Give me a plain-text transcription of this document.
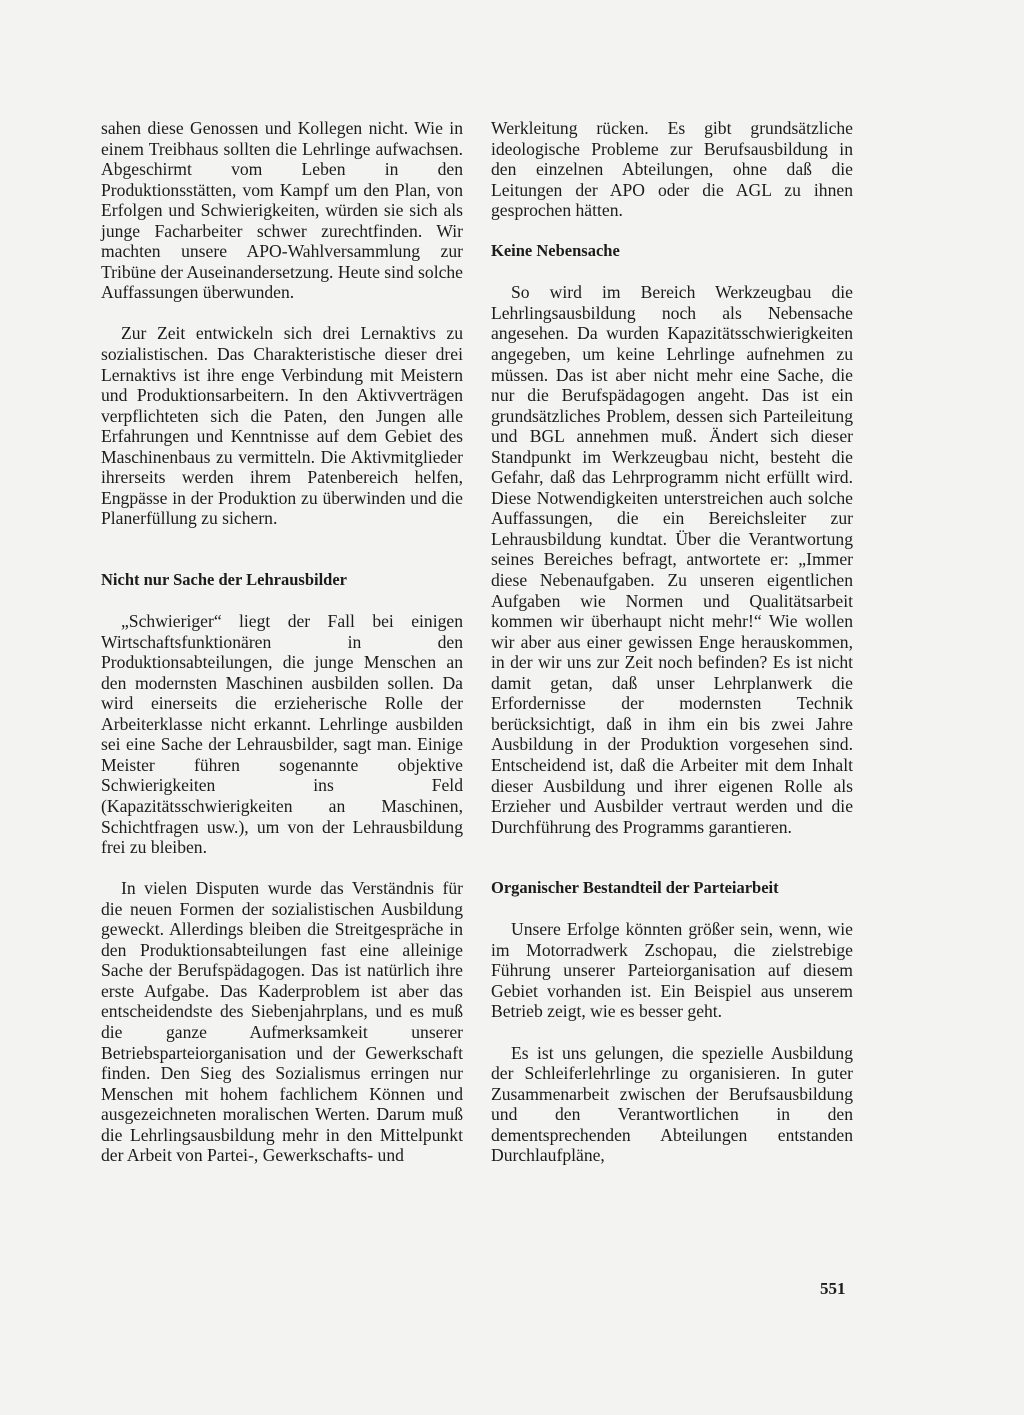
sahen diese Genossen und Kollegen nicht. Wie in einem Treibhaus sollten die Lehrlinge aufwachsen. Abgeschirmt vom Leben in den Produktionsstätten, vom Kampf um den Plan, von Erfolgen und Schwierigkeiten, würden sie sich als junge Facharbeiter schwer zurechtfinden. Wir machten unsere APO-Wahlversammlung zur Tribüne der Auseinandersetzung. Heute sind solche Auffassungen überwunden.

Zur Zeit entwickeln sich drei Lernaktivs zu sozialistischen. Das Charakteristische dieser drei Lernaktivs ist ihre enge Verbindung mit Meistern und Produktionsarbeitern. In den Aktivverträgen verpflichteten sich die Paten, den Jungen alle Erfahrungen und Kenntnisse auf dem Gebiet des Maschinenbaus zu vermitteln. Die Aktivmitglieder ihrerseits werden ihrem Patenbereich helfen, Engpässe in der Produktion zu überwinden und die Planerfüllung zu sichern.

Nicht nur Sache der Lehrausbilder

„Schwieriger“ liegt der Fall bei einigen Wirtschaftsfunktionären in den Produktionsabteilungen, die junge Menschen an den modernsten Maschinen ausbilden sollen. Da wird einerseits die erzieherische Rolle der Arbeiterklasse nicht erkannt. Lehrlinge ausbilden sei eine Sache der Lehrausbilder, sagt man. Einige Meister führen sogenannte objektive Schwierigkeiten ins Feld (Kapazitätsschwierigkeiten an Maschinen, Schichtfragen usw.), um von der Lehrausbildung frei zu bleiben.

In vielen Disputen wurde das Verständnis für die neuen Formen der sozialistischen Ausbildung geweckt. Allerdings bleiben die Streitgespräche in den Produktionsabteilungen fast eine alleinige Sache der Berufspädagogen. Das ist natürlich ihre erste Aufgabe. Das Kaderproblem ist aber das entscheidendste des Siebenjahrplans, und es muß die ganze Aufmerksamkeit unserer Betriebsparteiorganisation und der Gewerkschaft finden. Den Sieg des Sozialismus erringen nur Menschen mit hohem fachlichem Können und ausgezeichneten moralischen Werten. Darum muß die Lehrlingsausbildung mehr in den Mittelpunkt der Arbeit von Partei-, Gewerkschafts- und

Werkleitung rücken. Es gibt grundsätzliche ideologische Probleme zur Berufsausbildung in den einzelnen Abteilungen, ohne daß die Leitungen der APO oder die AGL zu ihnen gesprochen hätten.

Keine Nebensache

So wird im Bereich Werkzeugbau die Lehrlingsausbildung noch als Nebensache angesehen. Da wurden Kapazitätsschwierigkeiten angegeben, um keine Lehrlinge aufnehmen zu müssen. Das ist aber nicht mehr eine Sache, die nur die Berufspädagogen angeht. Das ist ein grundsätzliches Problem, dessen sich Parteileitung und BGL annehmen muß. Ändert sich dieser Standpunkt im Werkzeugbau nicht, besteht die Gefahr, daß das Lehrprogramm nicht erfüllt wird. Diese Notwendigkeiten unterstreichen auch solche Auffassungen, die ein Bereichsleiter zur Lehrausbildung kundtat. Über die Verantwortung seines Bereiches befragt, antwortete er: „Immer diese Nebenaufgaben. Zu unseren eigentlichen Aufgaben wie Normen und Qualitätsarbeit kommen wir überhaupt nicht mehr!“ Wie wollen wir aber aus einer gewissen Enge herauskommen, in der wir uns zur Zeit noch befinden? Es ist nicht damit getan, daß unser Lehrplanwerk die Erfordernisse der modernsten Technik berücksichtigt, daß in ihm ein bis zwei Jahre Ausbildung in der Produktion vorgesehen sind. Entscheidend ist, daß die Arbeiter mit dem Inhalt dieser Ausbildung und ihrer eigenen Rolle als Erzieher und Ausbilder vertraut werden und die Durchführung des Programms garantieren.

Organischer Bestandteil der Parteiarbeit

Unsere Erfolge könnten größer sein, wenn, wie im Motorradwerk Zschopau, die zielstrebige Führung unserer Parteiorganisation auf diesem Gebiet vorhanden ist. Ein Beispiel aus unserem Betrieb zeigt, wie es besser geht.

Es ist uns gelungen, die spezielle Ausbildung der Schleiferlehrlinge zu organisieren. In guter Zusammenarbeit zwischen der Berufsausbildung und den Verantwortlichen in den dementsprechenden Abteilungen entstanden Durchlaufpläne,

551
